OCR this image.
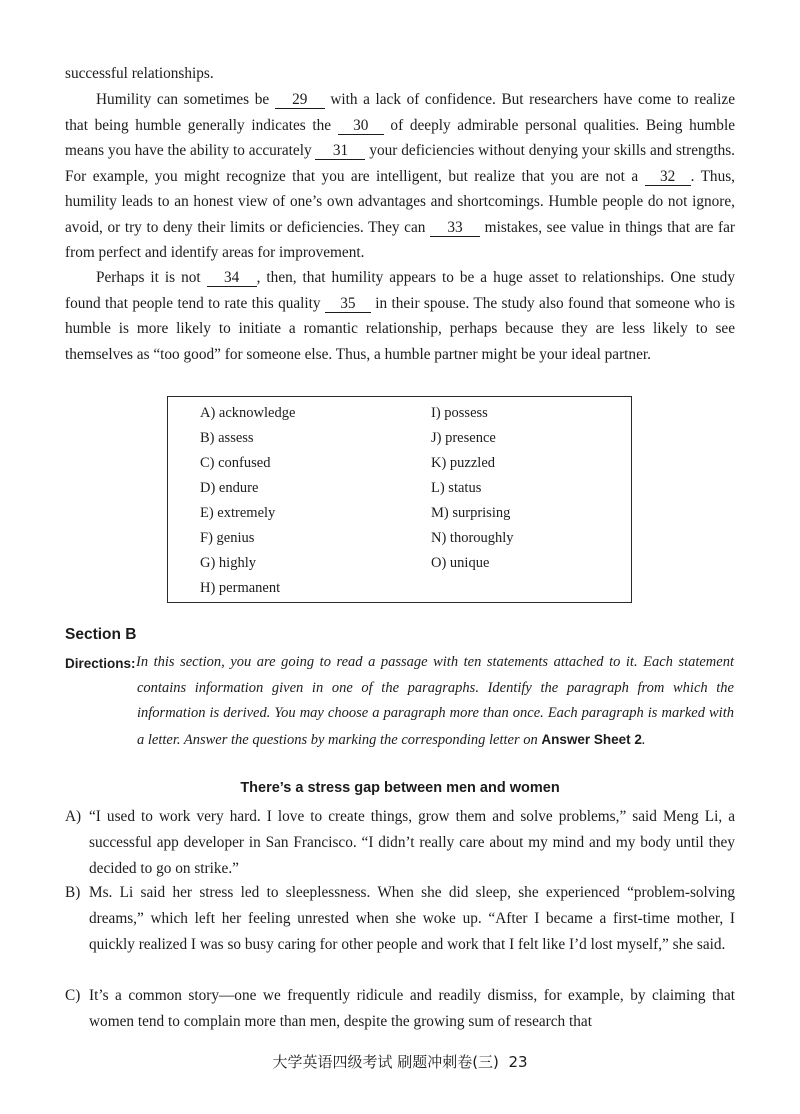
successful relationships.

Humility can sometimes be 29 with a lack of confidence. But researchers have come to realize that being humble generally indicates the 30 of deeply admirable personal qualities. Being humble means you have the ability to accurately 31 your deficiencies without denying your skills and strengths. For example, you might recognize that you are intelligent, but realize that you are not a 32 . Thus, humility leads to an honest view of one’s own advantages and shortcomings. Humble people do not ignore, avoid, or try to deny their limits or deficiencies. They can 33 mistakes, see value in things that are far from perfect and identify areas for improvement.

Perhaps it is not 34 , then, that humility appears to be a huge asset to relationships. One study found that people tend to rate this quality 35 in their spouse. The study also found that someone who is humble is more likely to initiate a romantic relationship, perhaps because they are less likely to see themselves as “too good” for someone else. Thus, a humble partner might be your ideal partner.

A) acknowledge
B) assess
C) confused
D) endure
E) extremely
F) genius
G) highly
H) permanent
I) possess
J) presence
K) puzzled
L) status
M) surprising
N) thoroughly
O) unique
Section B
Directions: In this section, you are going to read a passage with ten statements attached to it. Each statement contains information given in one of the paragraphs. Identify the paragraph from which the information is derived. You may choose a paragraph more than once. Each paragraph is marked with a letter. Answer the questions by marking the corresponding letter on Answer Sheet 2.

There’s a stress gap between men and women
A) “I used to work very hard. I love to create things, grow them and solve problems,” said Meng Li, a successful app developer in San Francisco. “I didn’t really care about my mind and my body until they decided to go on strike.”

B) Ms. Li said her stress led to sleeplessness. When she did sleep, she experienced “problem-solving dreams,” which left her feeling unrested when she woke up. “After I became a first-time mother, I quickly realized I was so busy caring for other people and work that I felt like I’d lost myself,” she said.

C) It’s a common story—one we frequently ridicule and readily dismiss, for example, by claiming that women tend to complain more than men, despite the growing sum of research that

大学英语四级考试 刷题冲刺卷(三) 23
